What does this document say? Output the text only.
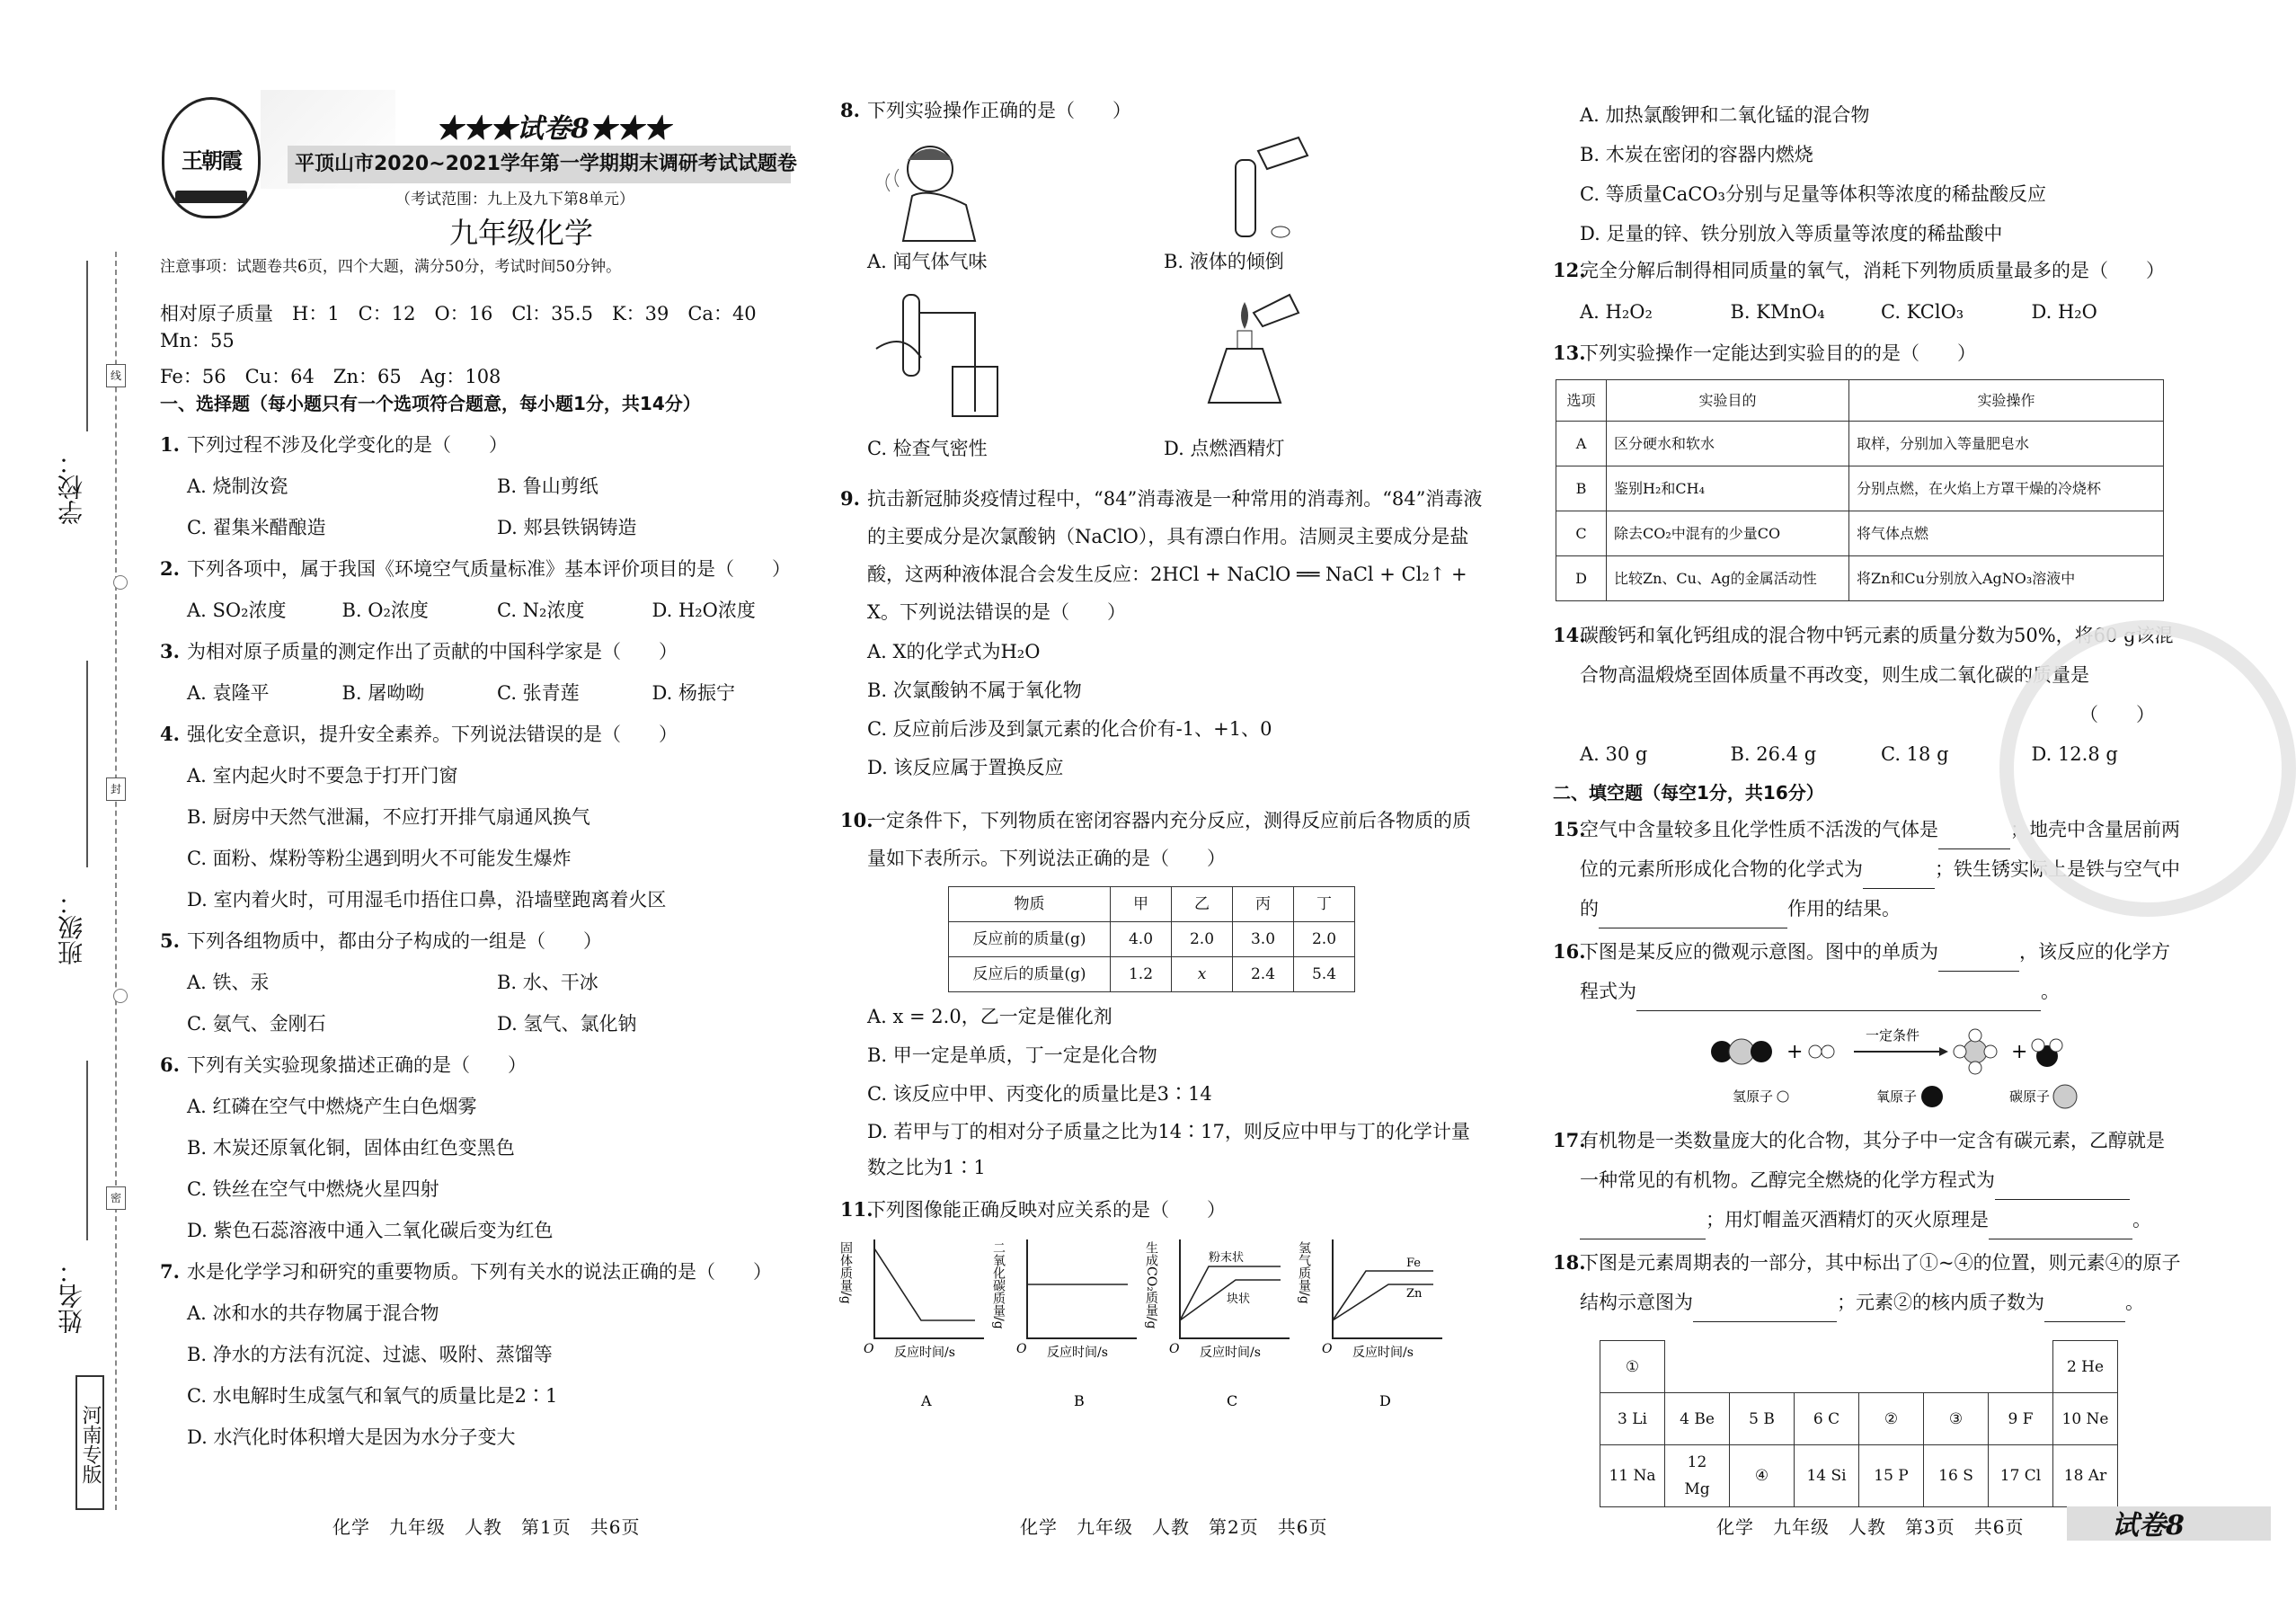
学校：
班级：
姓名：
线
封
密
河南专版
王朝霞
★★★试卷8★★★
平顶山市2020~2021学年第一学期期末调研考试试题卷
（考试范围：九上及九下第8单元）
九年级化学

注意事项：试题卷共6页，四个大题，满分50分，考试时间50分钟。

相对原子质量　 H：1　C：12　O：16　Cl：35.5　K：39　Ca：40　Mn：55

Fe：56　Cu：64　Zn：65　Ag：108

一、选择题（每小题只有一个选项符合题意，每小题1分，共14分）

1. 下列过程不涉及化学变化的是（　　）
A. 烧制汝瓷	B. 鲁山剪纸
C. 翟集米醋酿造	D. 郏县铁锅铸造
2. 下列各项中，属于我国《环境空气质量标准》基本评价项目的是（　　）
A. SO₂浓度	B. O₂浓度	C. N₂浓度	D. H₂O浓度
3. 为相对原子质量的测定作出了贡献的中国科学家是（　　）
A. 袁隆平	B. 屠呦呦	C. 张青莲	D. 杨振宁
4. 强化安全意识，提升安全素养。下列说法错误的是（　　）
A. 室内起火时不要急于打开门窗
B. 厨房中天然气泄漏，不应打开排气扇通风换气
C. 面粉、煤粉等粉尘遇到明火不可能发生爆炸
D. 室内着火时，可用湿毛巾捂住口鼻，沿墙壁跑离着火区
5. 下列各组物质中，都由分子构成的一组是（　　）
A. 铁、汞	B. 水、干冰
C. 氨气、金刚石	D. 氢气、氯化钠
6. 下列有关实验现象描述正确的是（　　）
A. 红磷在空气中燃烧产生白色烟雾
B. 木炭还原氧化铜，固体由红色变黑色
C. 铁丝在空气中燃烧火星四射
D. 紫色石蕊溶液中通入二氧化碳后变为红色
7. 水是化学学习和研究的重要物质。下列有关水的说法正确的是（　　）
A. 冰和水的共存物属于混合物
B. 净水的方法有沉淀、过滤、吸附、蒸馏等
C. 水电解时生成氢气和氧气的质量比是2∶1
D. 水汽化时体积增大是因为水分子变大
8. 下列实验操作正确的是（　　）
A. 闻气体气味	B. 液体的倾倒
C. 检查气密性	D. 点燃酒精灯
9. 抗击新冠肺炎疫情过程中，“84”消毒液是一种常用的消毒剂。“84”消毒液的主要成分是次氯酸钠（NaClO），具有漂白作用。洁厕灵主要成分是盐酸，这两种液体混合会发生反应：2HCl + NaClO ══ NaCl + Cl₂↑ + X。下列说法错误的是（　　）
A. X的化学式为H₂O
B. 次氯酸钠不属于氧化物
C. 反应前后涉及到氯元素的化合价有-1、+1、0
D. 该反应属于置换反应
10.
一定条件下，下列物质在密闭容器内充分反应，测得反应前后各物质的质量如下表所示。下列说法正确的是（　　）
物质	甲	乙	丙	丁
反应前的质量(g)	4.0	2.0	3.0	2.0
反应后的质量(g)	1.2	x	2.4	5.4
A. x = 2.0，乙一定是催化剂
B. 甲一定是单质，丁一定是化合物
C. 该反应中甲、丙变化的质量比是3∶14
D. 若甲与丁的相对分子质量之比为14∶17，则反应中甲与丁的化学计量数之比为1∶1
11.
下列图像能正确反映对应关系的是（　　）
固体质量/g
反应时间/s
O
A
二氧化碳质量/g
反应时间/s
O
B
生成CO₂质量/g
反应时间/s
O
C
粉末状
块状	氢气质量/g
反应时间/s
O
D
Fe
Zn
A. 加热氯酸钾和二氧化锰的混合物
B. 木炭在密闭的容器内燃烧
C. 等质量CaCO₃分别与足量等体积等浓度的稀盐酸反应
D. 足量的锌、铁分别放入等质量等浓度的稀盐酸中
12.
完全分解后制得相同质量的氧气，消耗下列物质质量最多的是（　　）
A. H₂O₂	B. KMnO₄	C. KClO₃	D. H₂O
13.
下列实验操作一定能达到实验目的的是（　　）
选项	实验目的	实验操作
A	区分硬水和软水	取样，分别加入等量肥皂水
B	鉴别H₂和CH₄	分别点燃，在火焰上方罩干燥的冷烧杯
C	除去CO₂中混有的少量CO	将气体点燃
D	比较Zn、Cu、Ag的金属活动性	将Zn和Cu分别放入AgNO₃溶液中
14.
碳酸钙和氧化钙组成的混合物中钙元素的质量分数为50%，将60 g该混合物高温煅烧至固体质量不再改变，则生成二氧化碳的质量是
（　　）
A. 30 g	B. 26.4 g	C. 18 g	D. 12.8 g

二、填空题（每空1分，共16分）

15.
空气中含量较多且化学性质不活泼的气体是	；地壳中含量居前两位的元素所形成化合物的化学式为	；铁生锈实际上是铁与空气中的	作用的结果。
16.
下图是某反应的微观示意图。图中的单质为	，该反应的化学方程式为	。
+
一定条件
+
氢原子	氧原子	碳原子
17.
有机物是一类数量庞大的化合物，其分子中一定含有碳元素，乙醇就是一种常见的有机物。乙醇完全燃烧的化学方程式为
；用灯帽盖灭酒精灯的灭火原理是	。
18.
下图是元素周期表的一部分，其中标出了①~④的位置，则元素④的原子结构示意图为	；元素②的核内质子数为	。
①							2 He
3 Li	4 Be	5 B	6 C	②	③	9 F	10 Ne
11 Na	12 Mg	④	14 Si	15 P	16 S	17 Cl	18 Ar
化学　九年级　人教　第1页　共6页	化学　九年级　人教　第2页　共6页	化学　九年级　人教　第3页　共6页	试卷8
